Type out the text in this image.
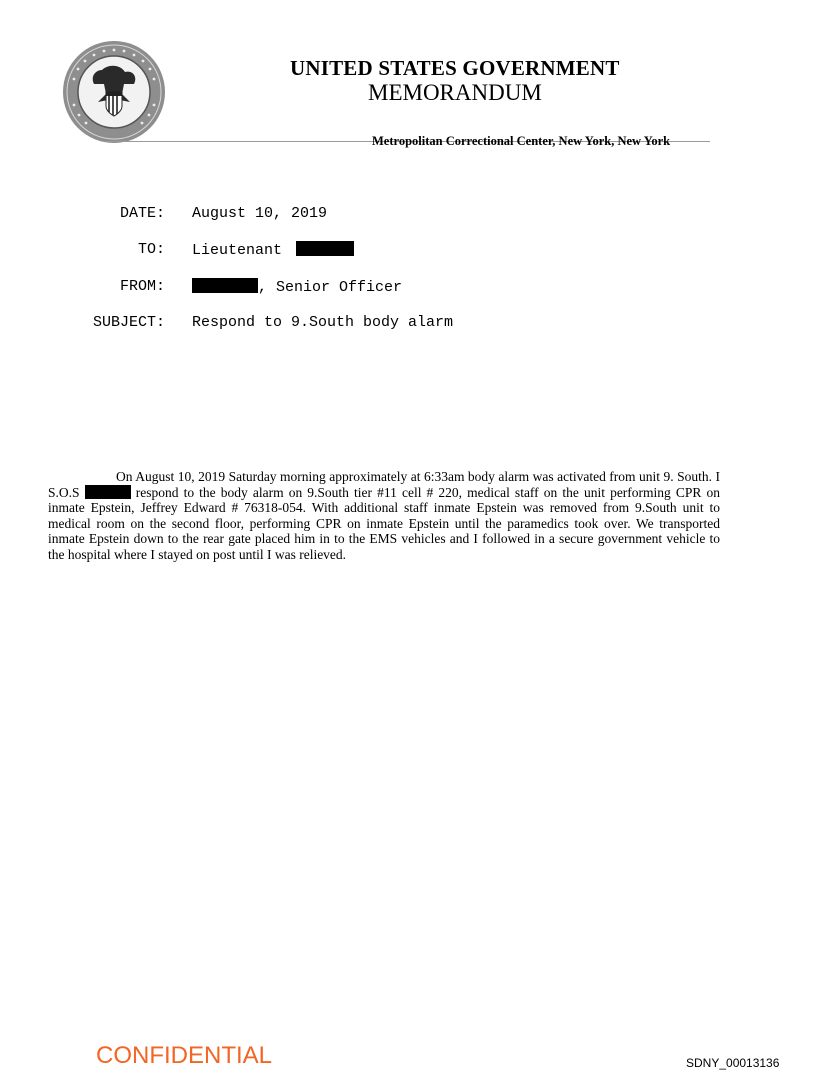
UNITED STATES GOVERNMENT
MEMORANDUM
Metropolitan Correctional Center, New York, New York
DATE: August 10, 2019
TO: Lieutenant
FROM:	, Senior Officer
SUBJECT: Respond to 9.South body alarm
On August 10, 2019 Saturday morning approximately at 6:33am body alarm was activated from unit 9. South. I S.O.S	respond to the body alarm on 9.South tier #11 cell # 220, medical staff on the unit performing CPR on inmate Epstein, Jeffrey Edward # 76318-054. With additional staff inmate Epstein was removed from 9.South unit to medical room on the second floor, performing CPR on inmate Epstein until the paramedics took over. We transported inmate Epstein down to the rear gate placed him in to the EMS vehicles and I followed in a secure government vehicle to the hospital where I stayed on post until I was relieved.
CONFIDENTIAL	SDNY_00013136
